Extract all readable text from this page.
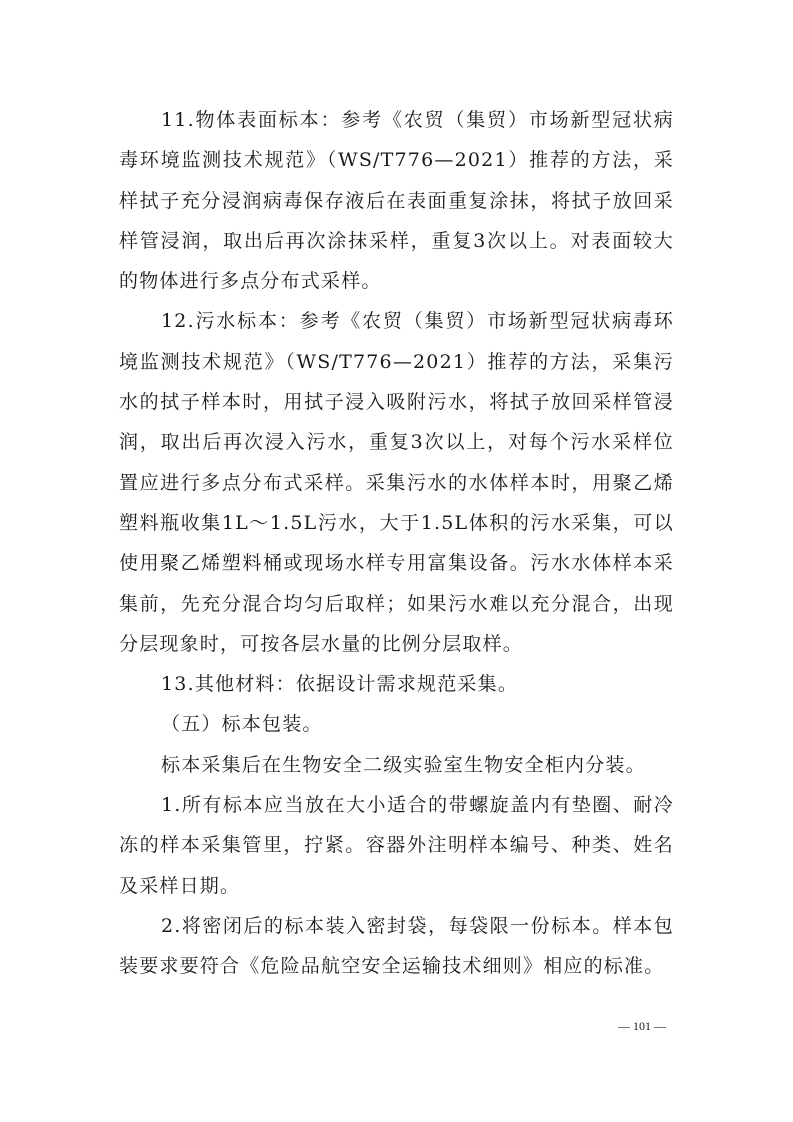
11.物体表面标本：参考《农贸（集贸）市场新型冠状病毒环境监测技术规范》（WS/T776—2021）推荐的方法，采样拭子充分浸润病毒保存液后在表面重复涂抹，将拭子放回采样管浸润，取出后再次涂抹采样，重复3次以上。对表面较大的物体进行多点分布式采样。

12.污水标本：参考《农贸（集贸）市场新型冠状病毒环境监测技术规范》（WS/T776—2021）推荐的方法，采集污水的拭子样本时，用拭子浸入吸附污水，将拭子放回采样管浸润，取出后再次浸入污水，重复3次以上，对每个污水采样位置应进行多点分布式采样。采集污水的水体样本时，用聚乙烯塑料瓶收集1L～1.5L污水，大于1.5L体积的污水采集，可以使用聚乙烯塑料桶或现场水样专用富集设备。污水水体样本采集前，先充分混合均匀后取样；如果污水难以充分混合，出现分层现象时，可按各层水量的比例分层取样。

13.其他材料：依据设计需求规范采集。

（五）标本包装。

标本采集后在生物安全二级实验室生物安全柜内分装。

1.所有标本应当放在大小适合的带螺旋盖内有垫圈、耐冷冻的样本采集管里，拧紧。容器外注明样本编号、种类、姓名及采样日期。

2.将密闭后的标本装入密封袋，每袋限一份标本。样本包装要求要符合《危险品航空安全运输技术细则》相应的标准。

— 101 —
